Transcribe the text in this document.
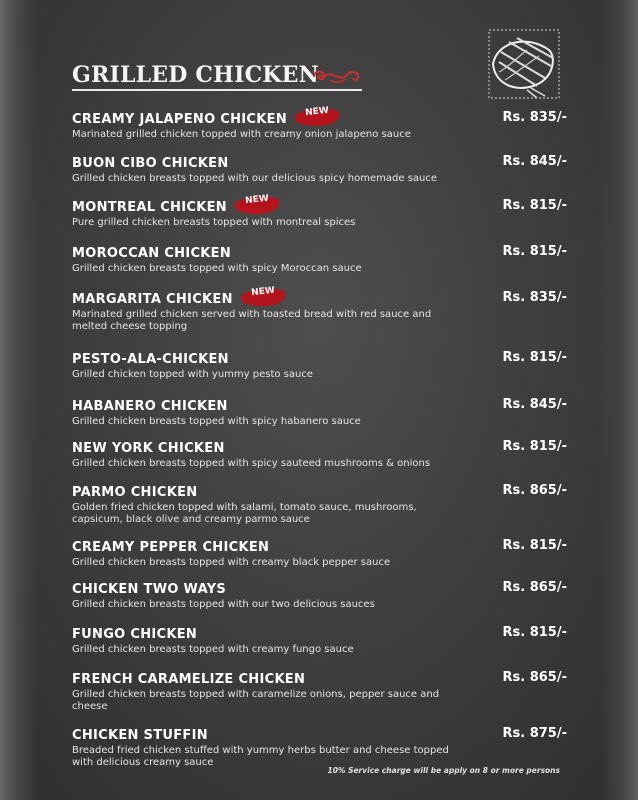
GRILLED CHICKEN
CREAMY JALAPENO CHICKEN	NEW
Marinated grilled chicken topped with creamy onion jalapeno sauce
Rs. 835/-
BUON CIBO CHICKEN
Grilled chicken breasts topped with our delicious spicy homemade sauce
Rs. 845/-
MONTREAL CHICKEN	NEW
Pure grilled chicken breasts topped with montreal spices
Rs. 815/-
MOROCCAN CHICKEN
Grilled chicken breasts topped with spicy Moroccan sauce
Rs. 815/-
MARGARITA CHICKEN	NEW
Marinated grilled chicken served with toasted bread with red sauce and melted cheese topping
Rs. 835/-
PESTO-ALA-CHICKEN
Grilled chicken topped with yummy pesto sauce
Rs. 815/-
HABANERO CHICKEN
Grilled chicken breasts topped with spicy habanero sauce
Rs. 845/-
NEW YORK CHICKEN
Grilled chicken breasts topped with spicy sauteed mushrooms & onions
Rs. 815/-
PARMO CHICKEN
Golden fried chicken topped with salami, tomato sauce, mushrooms, capsicum, black olive and creamy parmo sauce
Rs. 865/-
CREAMY PEPPER CHICKEN
Grilled chicken breasts topped with creamy black pepper sauce
Rs. 815/-
CHICKEN TWO WAYS
Grilled chicken breasts topped with our two delicious sauces
Rs. 865/-
FUNGO CHICKEN
Grilled chicken breasts topped with creamy fungo sauce
Rs. 815/-
FRENCH CARAMELIZE CHICKEN
Grilled chicken breasts topped with caramelize onions, pepper sauce and cheese
Rs. 865/-
CHICKEN STUFFIN
Breaded fried chicken stuffed with yummy herbs butter and cheese topped with delicious creamy sauce
Rs. 875/-
10% Service charge will be apply on 8 or more persons
